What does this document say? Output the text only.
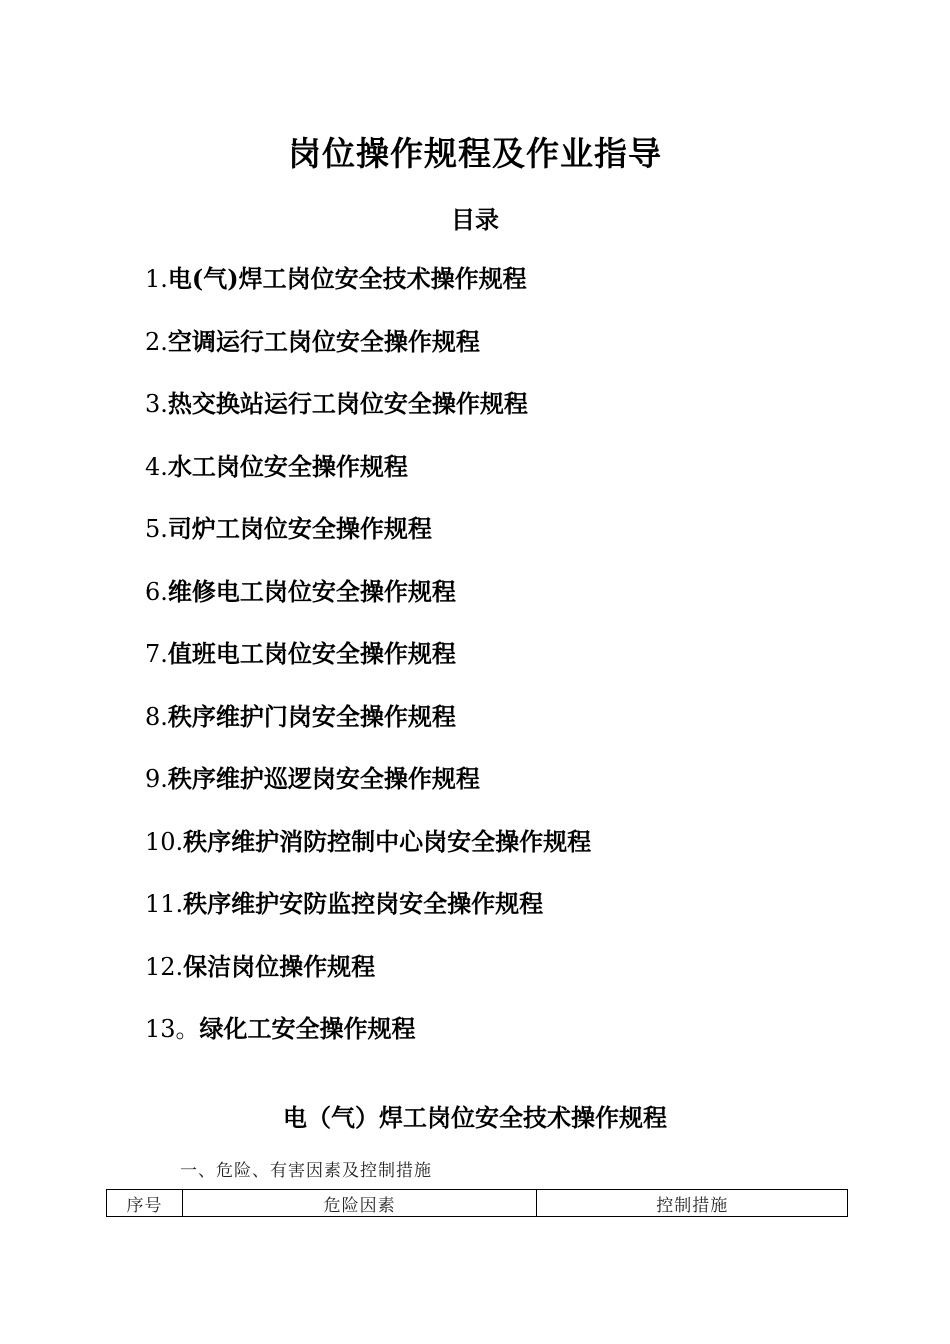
岗位操作规程及作业指导
目录
1.电(气)焊工岗位安全技术操作规程
2.空调运行工岗位安全操作规程
3.热交换站运行工岗位安全操作规程
4.水工岗位安全操作规程
5.司炉工岗位安全操作规程
6.维修电工岗位安全操作规程
7.值班电工岗位安全操作规程
8.秩序维护门岗安全操作规程
9.秩序维护巡逻岗安全操作规程
10.秩序维护消防控制中心岗安全操作规程
11.秩序维护安防监控岗安全操作规程
12.保洁岗位操作规程
13。绿化工安全操作规程
电（气）焊工岗位安全技术操作规程

一、危险、有害因素及控制措施

序号	危险因素	控制措施
